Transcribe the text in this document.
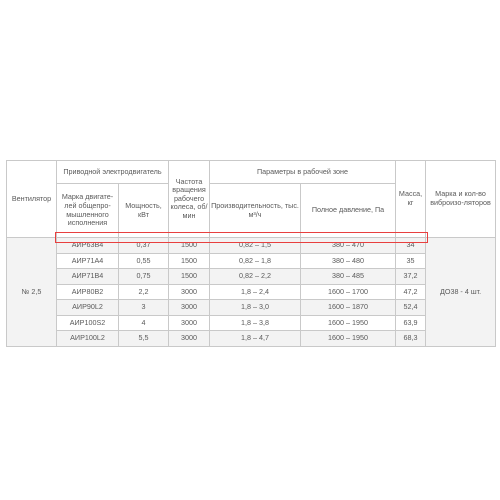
Вентилятор	Приводной электродвигатель		Частота вращения рабочего колеса, об/мин	Параметры в рабочей зоне		Масса, кг	Марка и кол-во виброизо-ляторов
	Марка двигате-лей общепро-мышленного исполнения	Мощность, кВт		Производительность, тыс. м³/ч	Полное давление, Па		
№ 2,5	АИР63В4	0,37	1500	0,82 – 1,5	380 – 470	34	ДО38 - 4 шт.
	АИР71А4	0,55	1500	0,82 – 1,8	380 – 480	35	
	АИР71В4	0,75	1500	0,82 – 2,2	380 – 485	37,2	
	АИР80В2	2,2	3000	1,8 – 2,4	1600 – 1700	47,2	
	АИР90L2	3	3000	1,8 – 3,0	1600 – 1870	52,4	
	АИР100S2	4	3000	1,8 – 3,8	1600 – 1950	63,9	
	АИР100L2	5,5	3000	1,8 – 4,7	1600 – 1950	68,3	
